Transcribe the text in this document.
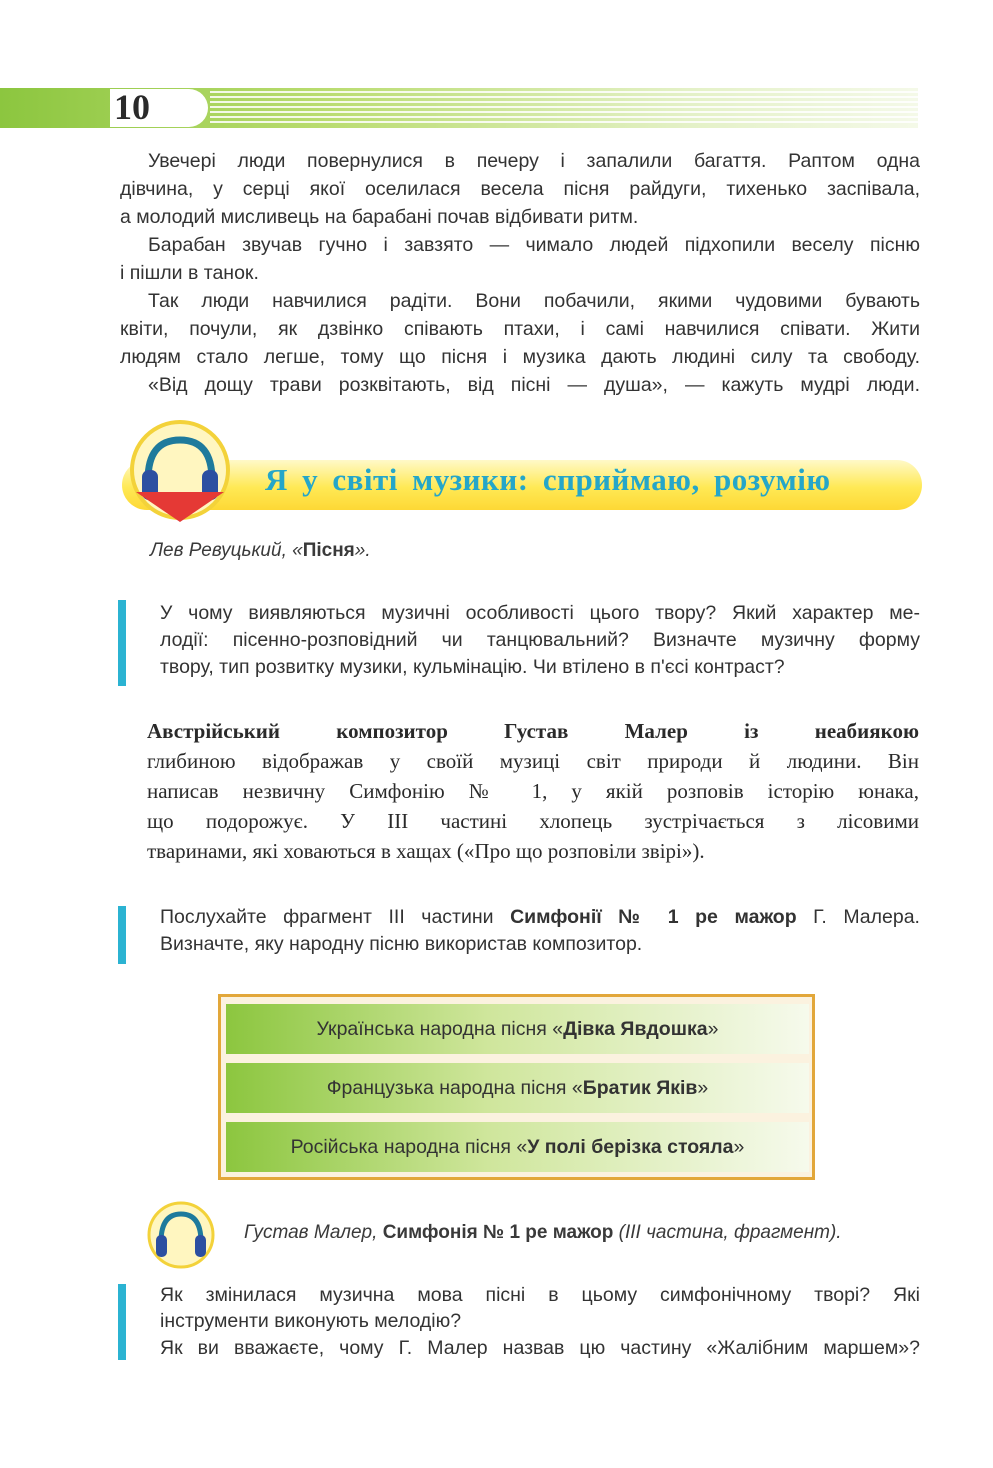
10

Увечері люди повернулися в печеру і запалили багаття. Раптом одна

дівчина, у серці якої оселилася весела пісня райдуги, тихенько заспівала,

а молодий мисливець на барабані почав відбивати ритм.

Барабан звучав гучно і завзято — чимало людей підхопили веселу пісню

і пішли в танок.

Так люди навчилися радіти. Вони побачили, якими чудовими бувають

квіти, почули, як дзвінко співають птахи, і самі навчилися співати. Жити

людям стало легше, тому що пісня і музика дають людині силу та свободу.

«Від дощу трави розквітають, від пісні — душа», — кажуть мудрі люди.

Я у світі музики: сприймаю, розумію
Лев Ревуцький, «Пісня».

У чому виявляються музичні особливості цього твору? Який характер ме-

лодії: пісенно-розповідний чи танцювальний? Визначте музичну форму

твору, тип розвитку музики, кульмінацію. Чи втілено в п'єсі контраст?

Австрійський композитор Густав Малер із неабиякою

глибиною відображав у своїй музиці світ природи й людини. Він

написав незвичну Симфонію № 1, у якій розповів історію юнака,

що подорожує. У ІІІ частині хлопець зустрічається з лісовими

тваринами, які ховаються в хащах («Про що розповіли звірі»).

Послухайте фрагмент ІІІ частини Симфонії № 1 ре мажор Г. Малера.

Визначте, яку народну пісню використав композитор.

Українська народна пісня « Дівка Явдошка »
Французька народна пісня « Братик Яків »
Російська народна пісня « У полі берізка стояла »
Густав Малер, Симфонія № 1 ре мажор (ІІІ частина, фрагмент).

Як змінилася музична мова пісні в цьому симфонічному творі? Які

інструменти виконують мелодію?

Як ви вважаєте, чому Г. Малер назвав цю частину «Жалібним маршем»?
